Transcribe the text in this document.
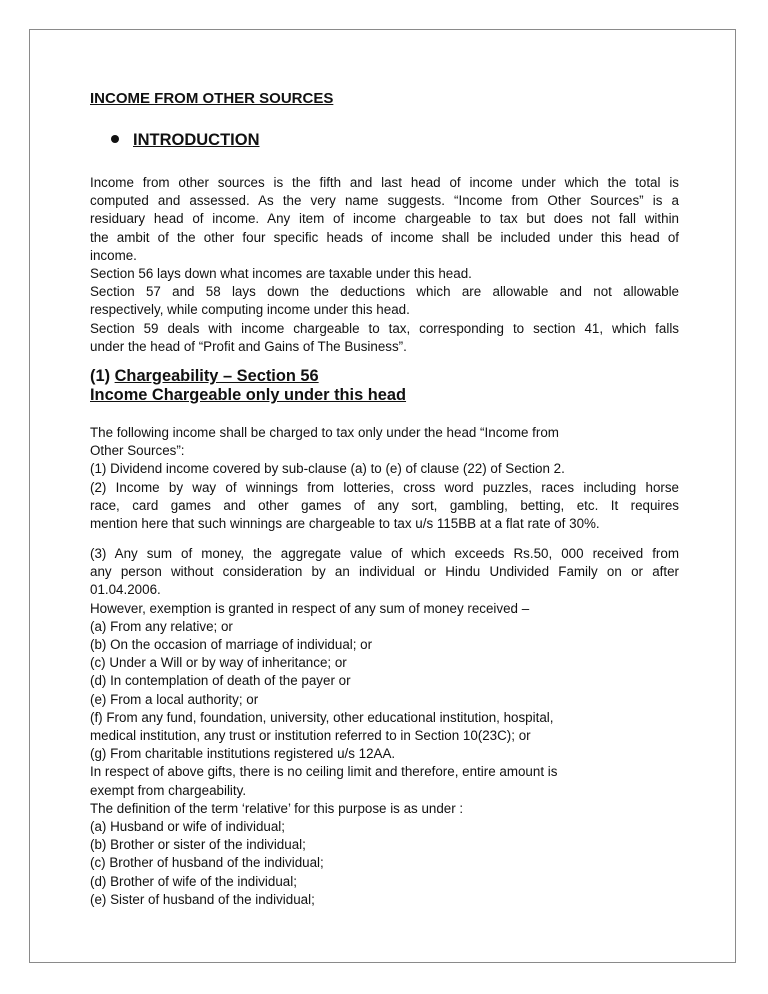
INCOME FROM OTHER SOURCES
INTRODUCTION
Income from other sources is the fifth and last head of income under which the total is
computed and assessed. As the very name suggests. “Income from Other Sources” is a
residuary head of income. Any item of income chargeable to tax but does not fall within
the ambit of the other four specific heads of income shall be included under this head of
income.
Section 56 lays down what incomes are taxable under this head.
Section 57 and 58 lays down the deductions which are allowable and not allowable
respectively, while computing income under this head.
Section 59 deals with income chargeable to tax, corresponding to section 41, which falls
under the head of “Profit and Gains of The Business”.
(1) Chargeability – Section 56
Income Chargeable only under this head
The following income shall be charged to tax only under the head “Income from
Other Sources”:
(1) Dividend income covered by sub-clause (a) to (e) of clause (22) of Section 2.
(2) Income by way of winnings from lotteries, cross word puzzles, races including horse
race, card games and other games of any sort, gambling, betting, etc. It requires
mention here that such winnings are chargeable to tax u/s 115BB at a flat rate of 30%.
(3) Any sum of money, the aggregate value of which exceeds Rs.50, 000 received from
any person without consideration by an individual or Hindu Undivided Family on or after
01.04.2006.
However, exemption is granted in respect of any sum of money received –
(a) From any relative; or
(b) On the occasion of marriage of individual; or
(c) Under a Will or by way of inheritance; or
(d) In contemplation of death of the payer or
(e) From a local authority; or
(f) From any fund, foundation, university, other educational institution, hospital,
medical institution, any trust or institution referred to in Section 10(23C); or
(g) From charitable institutions registered u/s 12AA.
In respect of above gifts, there is no ceiling limit and therefore, entire amount is
exempt from chargeability.
The definition of the term ‘relative’ for this purpose is as under :
(a) Husband or wife of individual;
(b) Brother or sister of the individual;
(c) Brother of husband of the individual;
(d) Brother of wife of the individual;
(e) Sister of husband of the individual;
